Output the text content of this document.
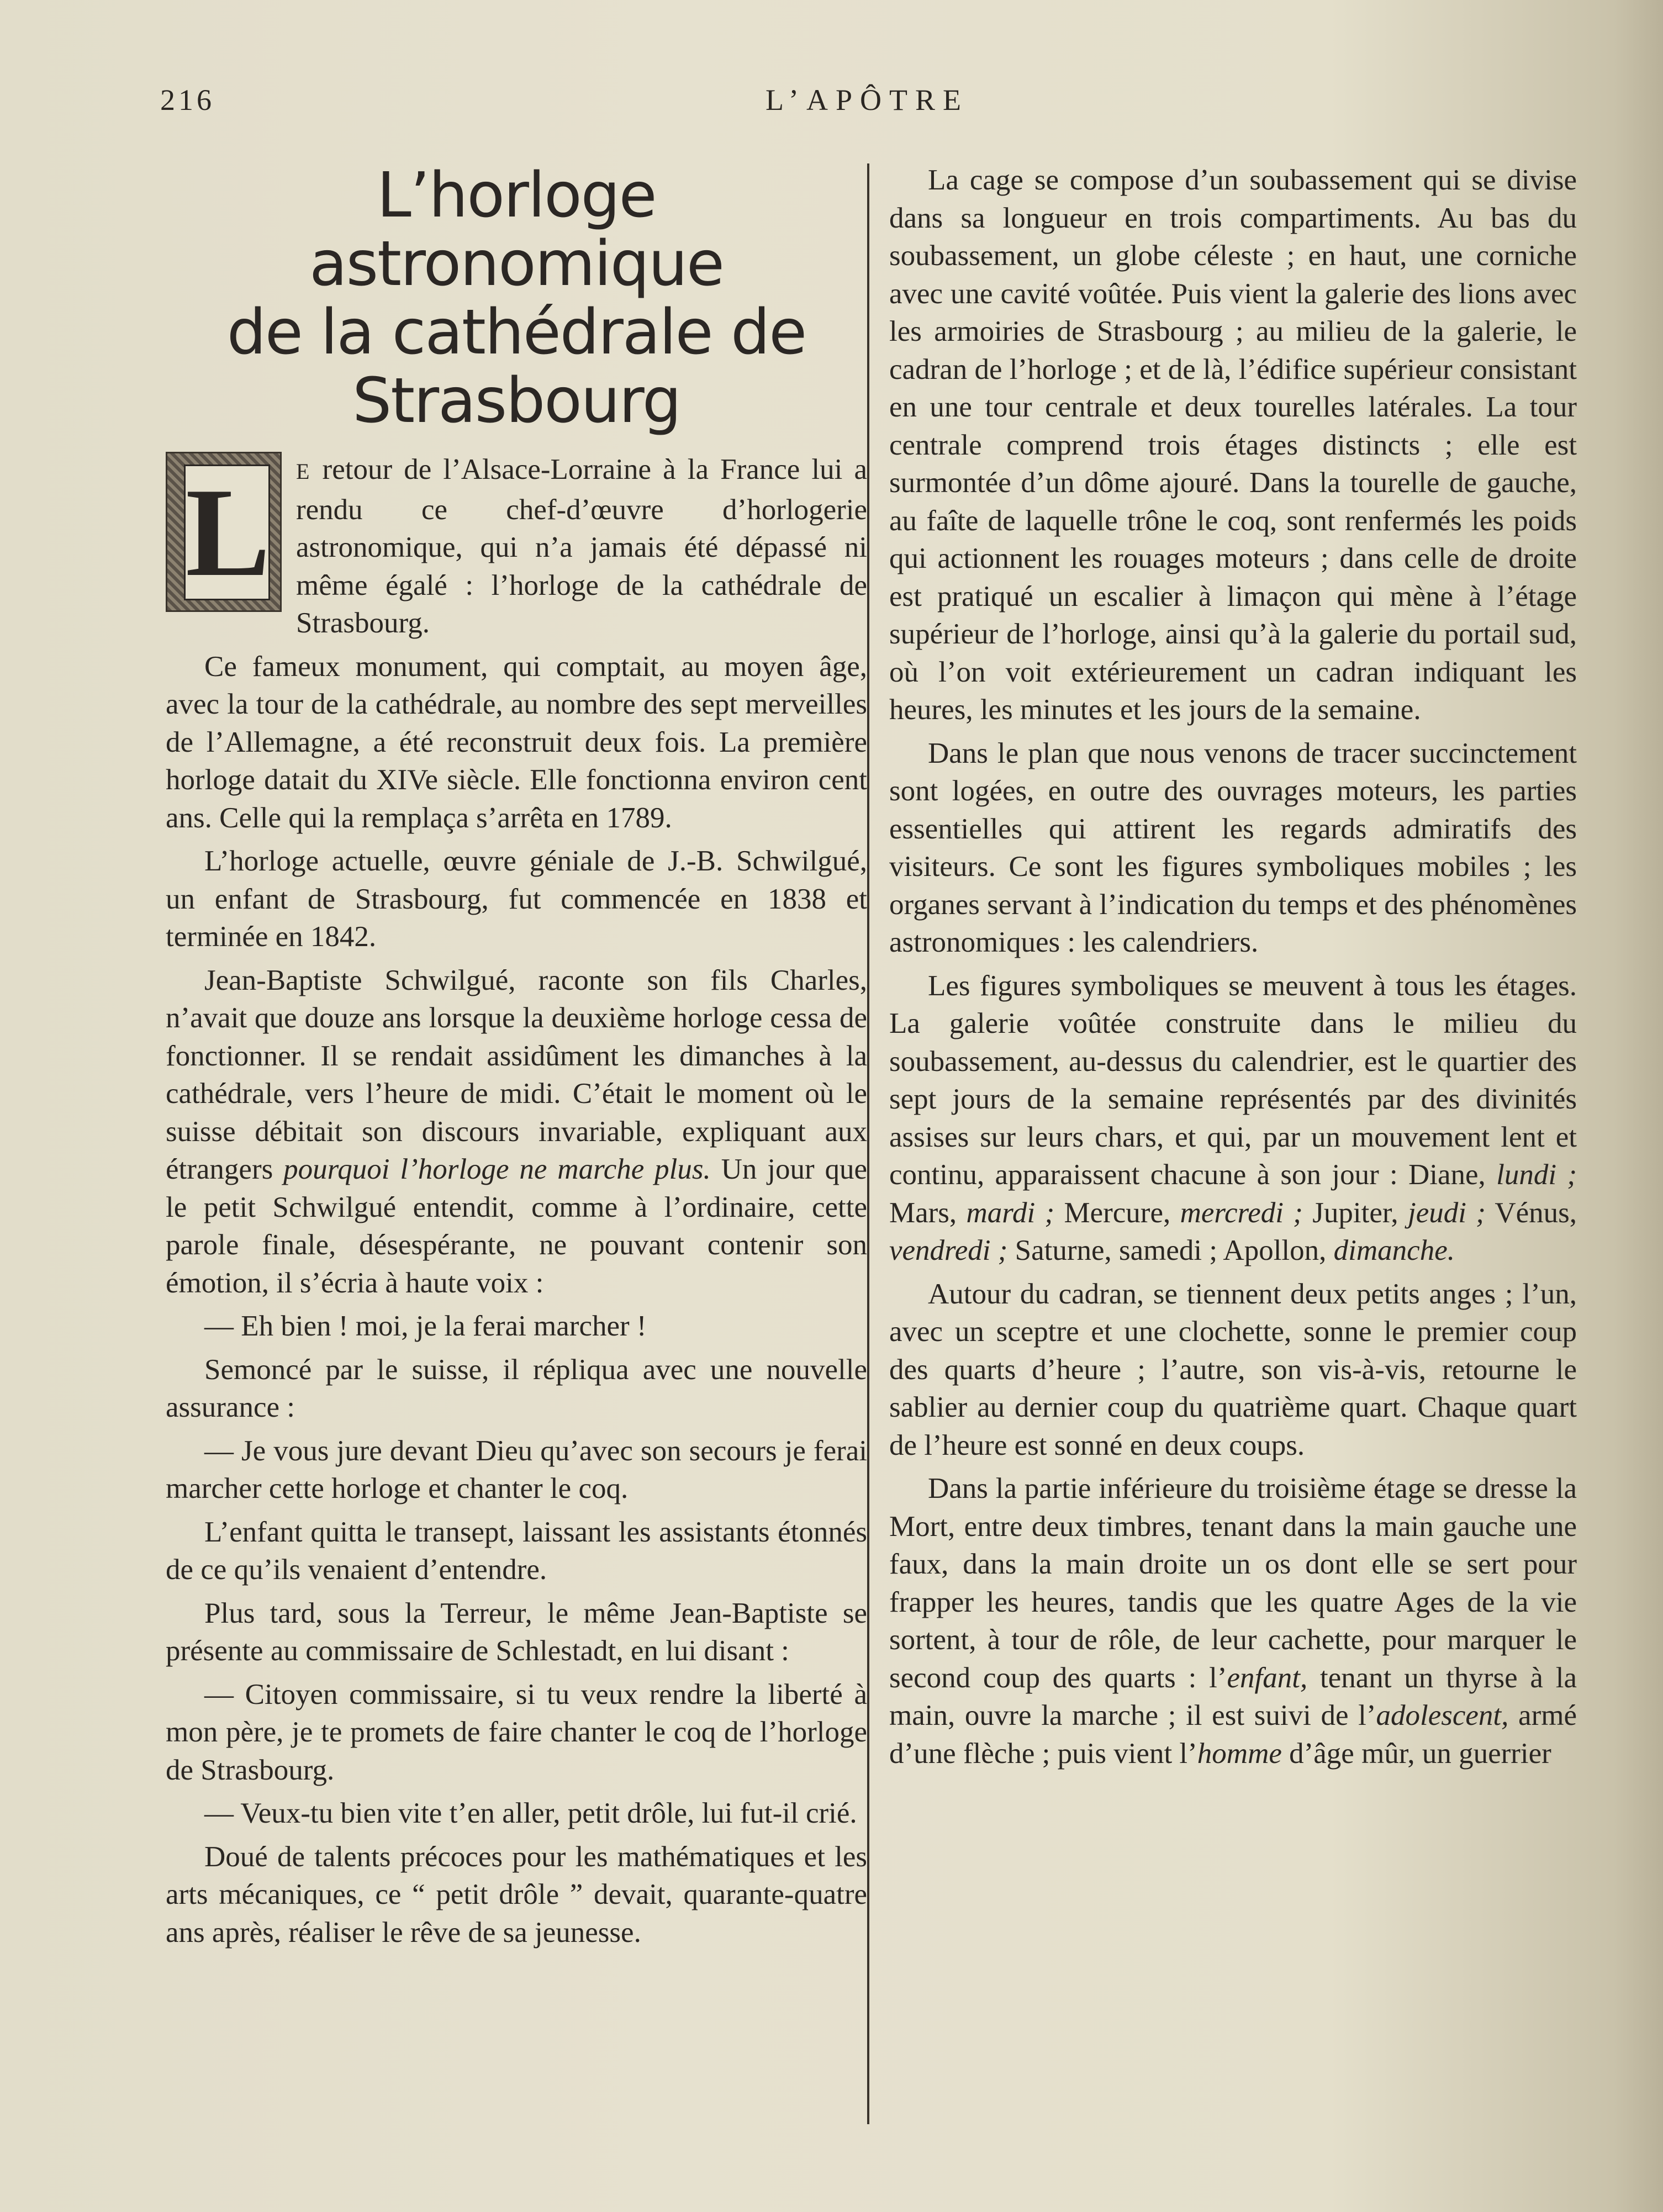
216	L’APÔTRE
L’horloge astronomique
de la cathédrale de
Strasbourg

L E retour de l’Alsace-Lorraine à la France lui a rendu ce chef-d’œuvre d’horlogerie astronomique, qui n’a jamais été dépassé ni même égalé : l’horloge de la cathédrale de Strasbourg.

Ce fameux monument, qui comptait, au moyen âge, avec la tour de la cathédrale, au nombre des sept merveilles de l’Allemagne, a été reconstruit deux fois. La première horloge datait du XIVe siècle. Elle fonctionna environ cent ans. Celle qui la remplaça s’arrêta en 1789.

L’horloge actuelle, œuvre géniale de J.-B. Schwilgué, un enfant de Strasbourg, fut commencée en 1838 et terminée en 1842.

Jean-Baptiste Schwilgué, raconte son fils Charles, n’avait que douze ans lorsque la deuxième horloge cessa de fonctionner. Il se rendait assidûment les dimanches à la cathédrale, vers l’heure de midi. C’était le moment où le suisse débitait son discours invariable, expliquant aux étrangers pourquoi l’horloge ne marche plus. Un jour que le petit Schwilgué entendit, comme à l’ordinaire, cette parole finale, désespérante, ne pouvant contenir son émotion, il s’écria à haute voix :

— Eh bien ! moi, je la ferai marcher !

Semoncé par le suisse, il répliqua avec une nouvelle assurance :

— Je vous jure devant Dieu qu’avec son secours je ferai marcher cette horloge et chanter le coq.

L’enfant quitta le transept, laissant les assistants étonnés de ce qu’ils venaient d’entendre.

Plus tard, sous la Terreur, le même Jean-Baptiste se présente au commissaire de Schlestadt, en lui disant :

— Citoyen commissaire, si tu veux rendre la liberté à mon père, je te promets de faire chanter le coq de l’horloge de Strasbourg.

— Veux-tu bien vite t’en aller, petit drôle, lui fut-il crié.

Doué de talents précoces pour les mathématiques et les arts mécaniques, ce “ petit drôle ” devait, quarante-quatre ans après, réaliser le rêve de sa jeunesse.

La cage se compose d’un soubassement qui se divise dans sa longueur en trois compartiments. Au bas du soubassement, un globe céleste ; en haut, une corniche avec une cavité voûtée. Puis vient la galerie des lions avec les armoiries de Strasbourg ; au milieu de la galerie, le cadran de l’horloge ; et de là, l’édifice supérieur consistant en une tour centrale et deux tourelles latérales. La tour centrale comprend trois étages distincts ; elle est surmontée d’un dôme ajouré. Dans la tourelle de gauche, au faîte de laquelle trône le coq, sont renfermés les poids qui actionnent les rouages moteurs ; dans celle de droite est pratiqué un escalier à limaçon qui mène à l’étage supérieur de l’horloge, ainsi qu’à la galerie du portail sud, où l’on voit extérieurement un cadran indiquant les heures, les minutes et les jours de la semaine.

Dans le plan que nous venons de tracer succinctement sont logées, en outre des ouvrages moteurs, les parties essentielles qui attirent les regards admiratifs des visiteurs. Ce sont les figures symboliques mobiles ; les organes servant à l’indication du temps et des phénomènes astronomiques : les calendriers.

Les figures symboliques se meuvent à tous les étages. La galerie voûtée construite dans le milieu du soubassement, au-dessus du calendrier, est le quartier des sept jours de la semaine représentés par des divinités assises sur leurs chars, et qui, par un mouvement lent et continu, apparaissent chacune à son jour : Diane, lundi ; Mars, mardi ; Mercure, mercredi ; Jupiter, jeudi ; Vénus, vendredi ; Saturne, samedi ; Apollon, dimanche.

Autour du cadran, se tiennent deux petits anges ; l’un, avec un sceptre et une clochette, sonne le premier coup des quarts d’heure ; l’autre, son vis-à-vis, retourne le sablier au dernier coup du quatrième quart. Chaque quart de l’heure est sonné en deux coups.

Dans la partie inférieure du troisième étage se dresse la Mort, entre deux timbres, tenant dans la main gauche une faux, dans la main droite un os dont elle se sert pour frapper les heures, tandis que les quatre Ages de la vie sortent, à tour de rôle, de leur cachette, pour marquer le second coup des quarts : l’enfant, tenant un thyrse à la main, ouvre la marche ; il est suivi de l’adolescent, armé d’une flèche ; puis vient l’homme d’âge mûr, un guerrier
